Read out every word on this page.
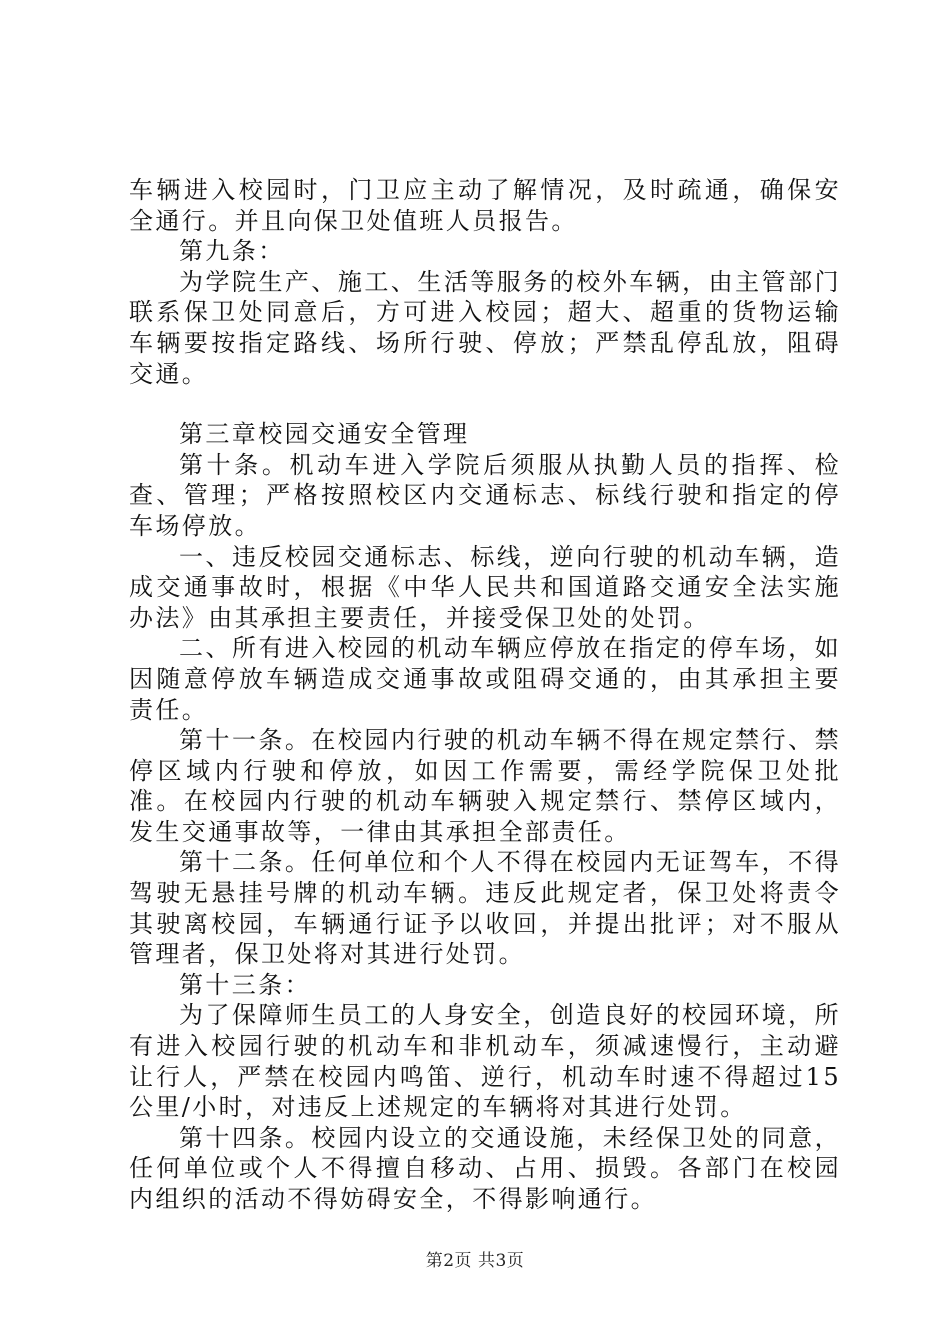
车辆进入校园时，门卫应主动了解情况，及时疏通，确保安全通行。并且向保卫处值班人员报告。

第九条：

为学院生产、施工、生活等服务的校外车辆，由主管部门联系保卫处同意后，方可进入校园；超大、超重的货物运输车辆要按指定路线、场所行驶、停放；严禁乱停乱放，阻碍交通。

第三章校园交通安全管理

第十条。机动车进入学院后须服从执勤人员的指挥、检查、管理；严格按照校区内交通标志、标线行驶和指定的停车场停放。

一、违反校园交通标志、标线，逆向行驶的机动车辆，造成交通事故时，根据《中华人民共和国道路交通安全法实施办法》由其承担主要责任，并接受保卫处的处罚。

二、所有进入校园的机动车辆应停放在指定的停车场，如因随意停放车辆造成交通事故或阻碍交通的，由其承担主要责任。

第十一条。在校园内行驶的机动车辆不得在规定禁行、禁停区域内行驶和停放，如因工作需要，需经学院保卫处批准。在校园内行驶的机动车辆驶入规定禁行、禁停区域内，发生交通事故等，一律由其承担全部责任。

第十二条。任何单位和个人不得在校园内无证驾车，不得驾驶无悬挂号牌的机动车辆。违反此规定者，保卫处将责令其驶离校园，车辆通行证予以收回，并提出批评；对不服从管理者，保卫处将对其进行处罚。

第十三条：

为了保障师生员工的人身安全，创造良好的校园环境，所有进入校园行驶的机动车和非机动车，须减速慢行，主动避让行人，严禁在校园内鸣笛、逆行，机动车时速不得超过15公里/小时，对违反上述规定的车辆将对其进行处罚。

第十四条。校园内设立的交通设施，未经保卫处的同意，任何单位或个人不得擅自移动、占用、损毁。各部门在校园内组织的活动不得妨碍安全，不得影响通行。

第2页 共3页
